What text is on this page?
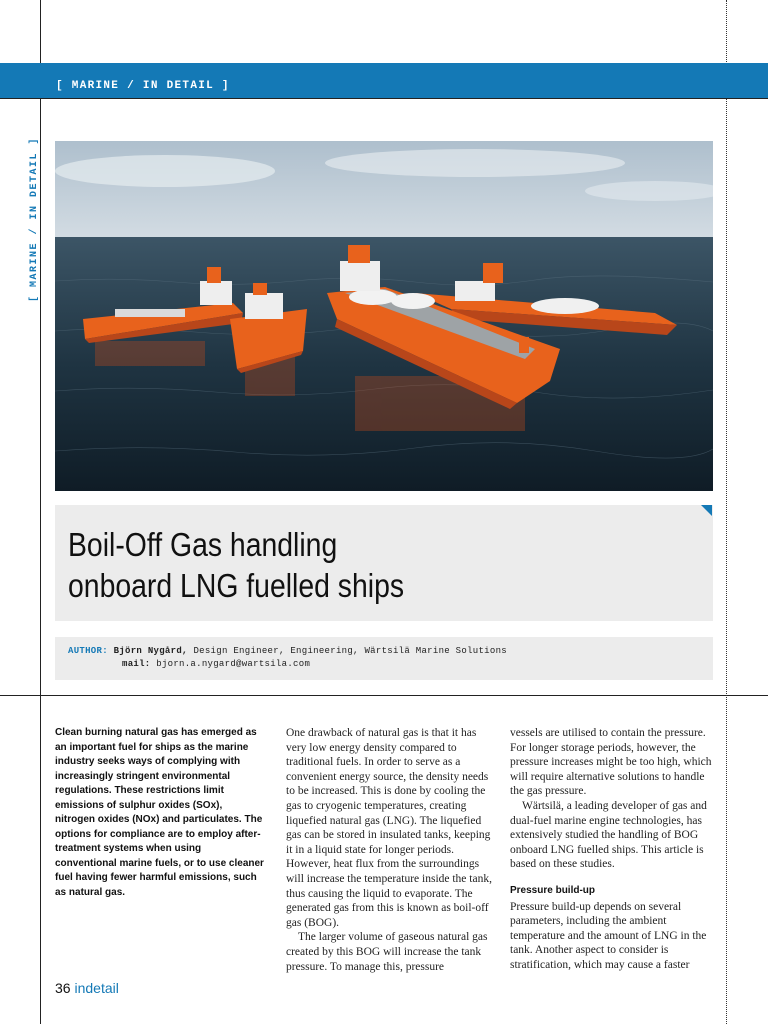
[ MARINE / IN DETAIL ]
[ MARINE / IN DETAIL ]
Boil-Off Gas handling
onboard LNG fuelled ships
AUTHOR: Björn Nygård, Design Engineer, Engineering, Wärtsilä Marine Solutions
mail: bjorn.a.nygard@wartsila.com
Clean burning natural gas has emerged as an important fuel for ships as the marine industry seeks ways of complying with increasingly stringent environmental regulations. These restrictions limit emissions of sulphur oxides (SOx), nitrogen oxides (NOx) and particulates. The options for compliance are to employ after-treatment systems when using conventional marine fuels, or to use cleaner fuel having fewer harmful emissions, such as natural gas.

One drawback of natural gas is that it has very low energy density compared to traditional fuels. In order to serve as a convenient energy source, the density needs to be increased. This is done by cooling the gas to cryogenic temperatures, creating liquefied natural gas (LNG). The liquefied gas can be stored in insulated tanks, keeping it in a liquid state for longer periods. However, heat flux from the surroundings will increase the temperature inside the tank, thus causing the liquid to evaporate. The generated gas from this is known as boil-off gas (BOG).

The larger volume of gaseous natural gas created by this BOG will increase the tank pressure. To manage this, pressure

vessels are utilised to contain the pressure. For longer storage periods, however, the pressure increases might be too high, which will require alternative solutions to handle the gas pressure.

Wärtsilä, a leading developer of gas and dual-fuel marine engine technologies, has extensively studied the handling of BOG onboard LNG fuelled ships. This article is based on these studies.

Pressure build-up

Pressure build-up depends on several parameters, including the ambient temperature and the amount of LNG in the tank. Another aspect to consider is stratification, which may cause a faster

36 indetail
